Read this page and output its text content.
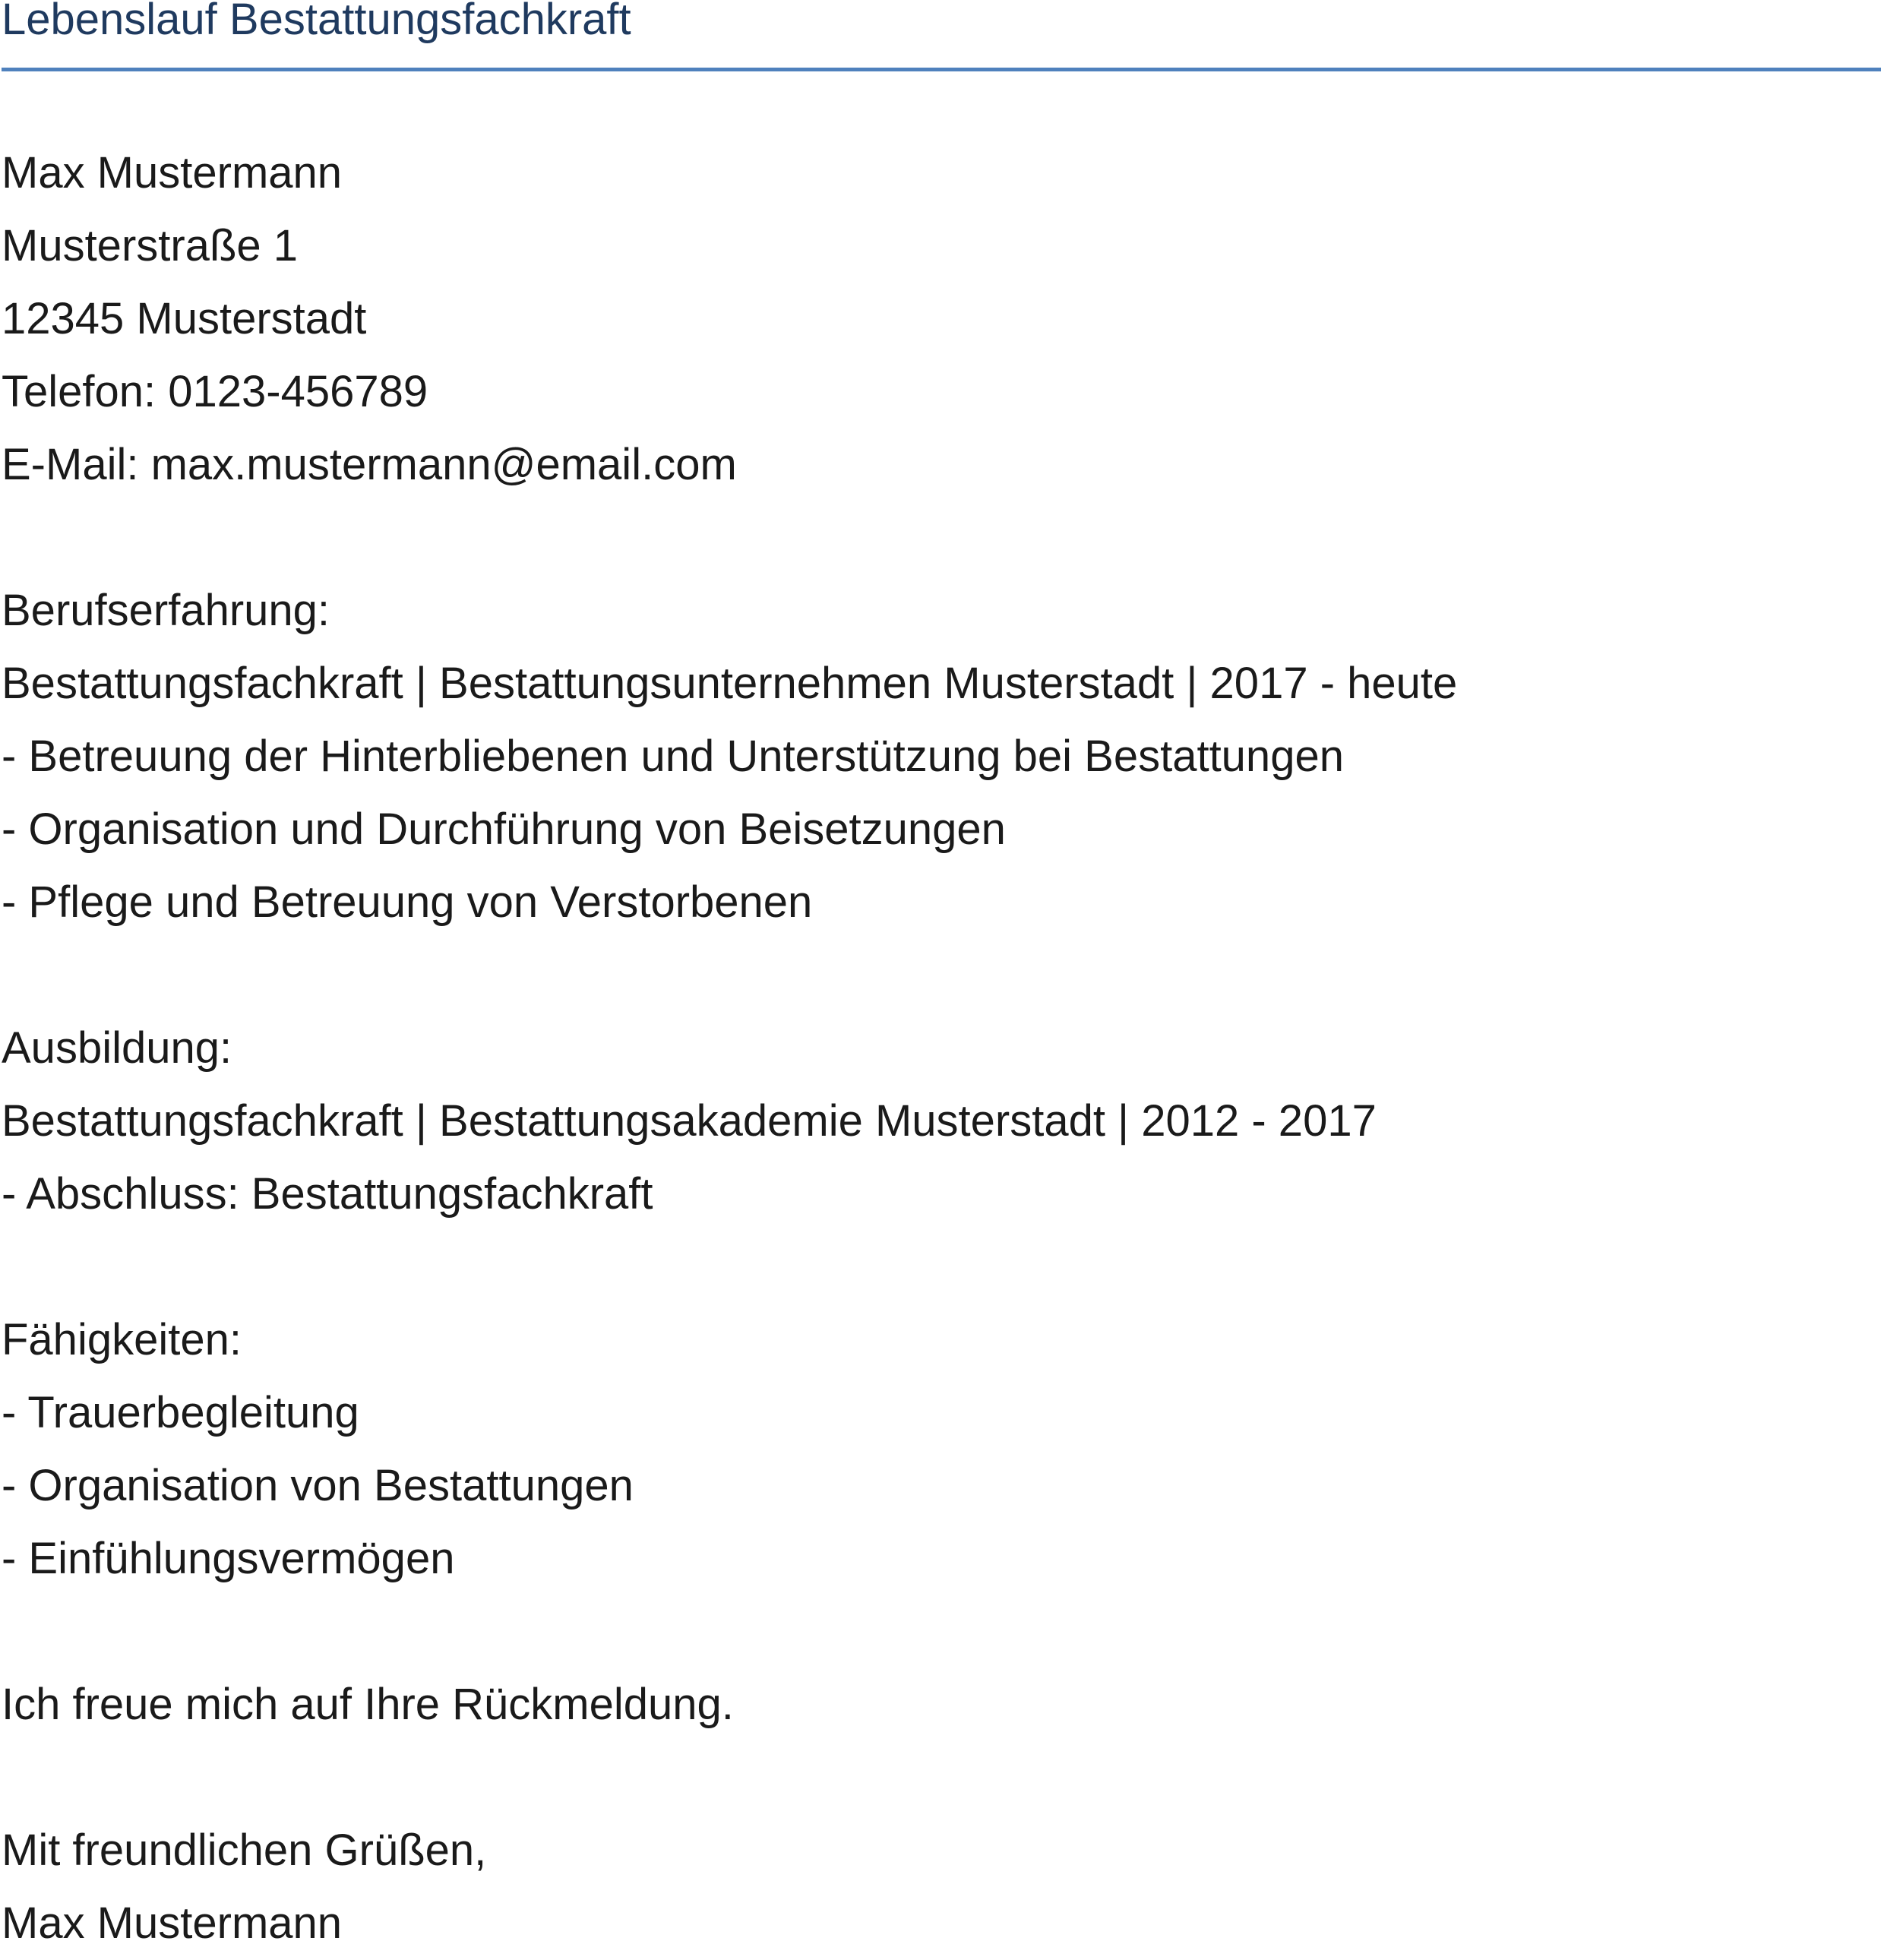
Lebenslauf Bestattungsfachkraft

Max Mustermann

Musterstraße 1

12345 Musterstadt

Telefon: 0123-456789

E-Mail: max.mustermann@email.com

Berufserfahrung:

Bestattungsfachkraft | Bestattungsunternehmen Musterstadt | 2017 - heute

- Betreuung der Hinterbliebenen und Unterstützung bei Bestattungen

- Organisation und Durchführung von Beisetzungen

- Pflege und Betreuung von Verstorbenen

Ausbildung:

Bestattungsfachkraft | Bestattungsakademie Musterstadt | 2012 - 2017

- Abschluss: Bestattungsfachkraft

Fähigkeiten:

- Trauerbegleitung

- Organisation von Bestattungen

- Einfühlungsvermögen

Ich freue mich auf Ihre Rückmeldung.

Mit freundlichen Grüßen,

Max Mustermann
